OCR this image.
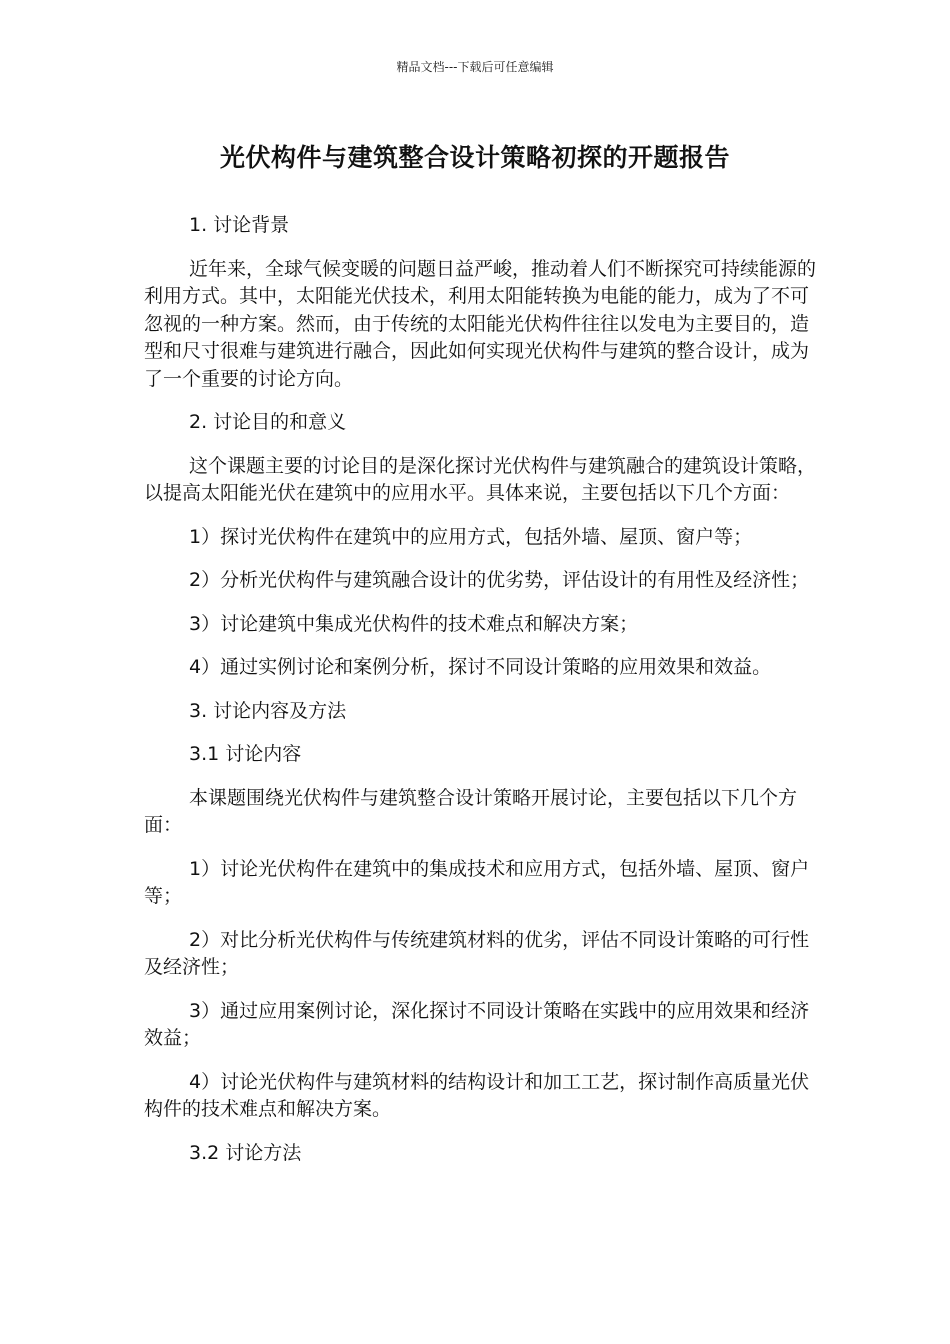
精品文档---下载后可任意编辑
光伏构件与建筑整合设计策略初探的开题报告

1. 讨论背景

近年来，全球气候变暖的问题日益严峻，推动着人们不断探究可持续能源的利用方式。其中，太阳能光伏技术，利用太阳能转换为电能的能力，成为了不可忽视的一种方案。然而，由于传统的太阳能光伏构件往往以发电为主要目的，造型和尺寸很难与建筑进行融合，因此如何实现光伏构件与建筑的整合设计，成为了一个重要的讨论方向。

2. 讨论目的和意义

这个课题主要的讨论目的是深化探讨光伏构件与建筑融合的建筑设计策略，以提高太阳能光伏在建筑中的应用水平。具体来说，主要包括以下几个方面：

1）探讨光伏构件在建筑中的应用方式，包括外墙、屋顶、窗户等；

2）分析光伏构件与建筑融合设计的优劣势，评估设计的有用性及经济性；

3）讨论建筑中集成光伏构件的技术难点和解决方案；

4）通过实例讨论和案例分析，探讨不同设计策略的应用效果和效益。

3. 讨论内容及方法

3.1 讨论内容

本课题围绕光伏构件与建筑整合设计策略开展讨论，主要包括以下几个方面：

1）讨论光伏构件在建筑中的集成技术和应用方式，包括外墙、屋顶、窗户等；

2）对比分析光伏构件与传统建筑材料的优劣，评估不同设计策略的可行性及经济性；

3）通过应用案例讨论，深化探讨不同设计策略在实践中的应用效果和经济效益；

4）讨论光伏构件与建筑材料的结构设计和加工工艺，探讨制作高质量光伏构件的技术难点和解决方案。

3.2 讨论方法
